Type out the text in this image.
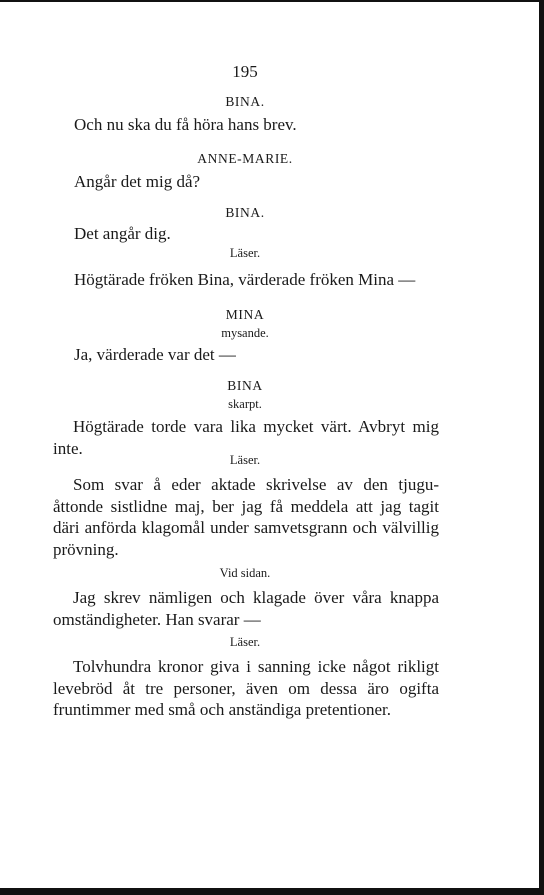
195

BINA.

Och nu ska du få höra hans brev.

ANNE-MARIE.

Angår det mig då?

BINA.

Det angår dig.

Läser.

Högtärade fröken Bina, värderade fröken Mina —

MINA

mysande.

Ja, värderade var det —

BINA

skarpt.

Högtärade torde vara lika mycket värt. Avbryt mig inte.

Läser.

Som svar å eder aktade skrivelse av den tjugu-åttonde sistlidne maj, ber jag få meddela att jag tagit däri anförda klagomål under samvetsgrann och välvillig prövning.

Vid sidan.

Jag skrev nämligen och klagade över våra knappa omständigheter. Han svarar —

Läser.

Tolvhundra kronor giva i sanning icke något rikligt levebröd åt tre personer, även om dessa äro ogifta fruntimmer med små och anständiga pretentioner.
